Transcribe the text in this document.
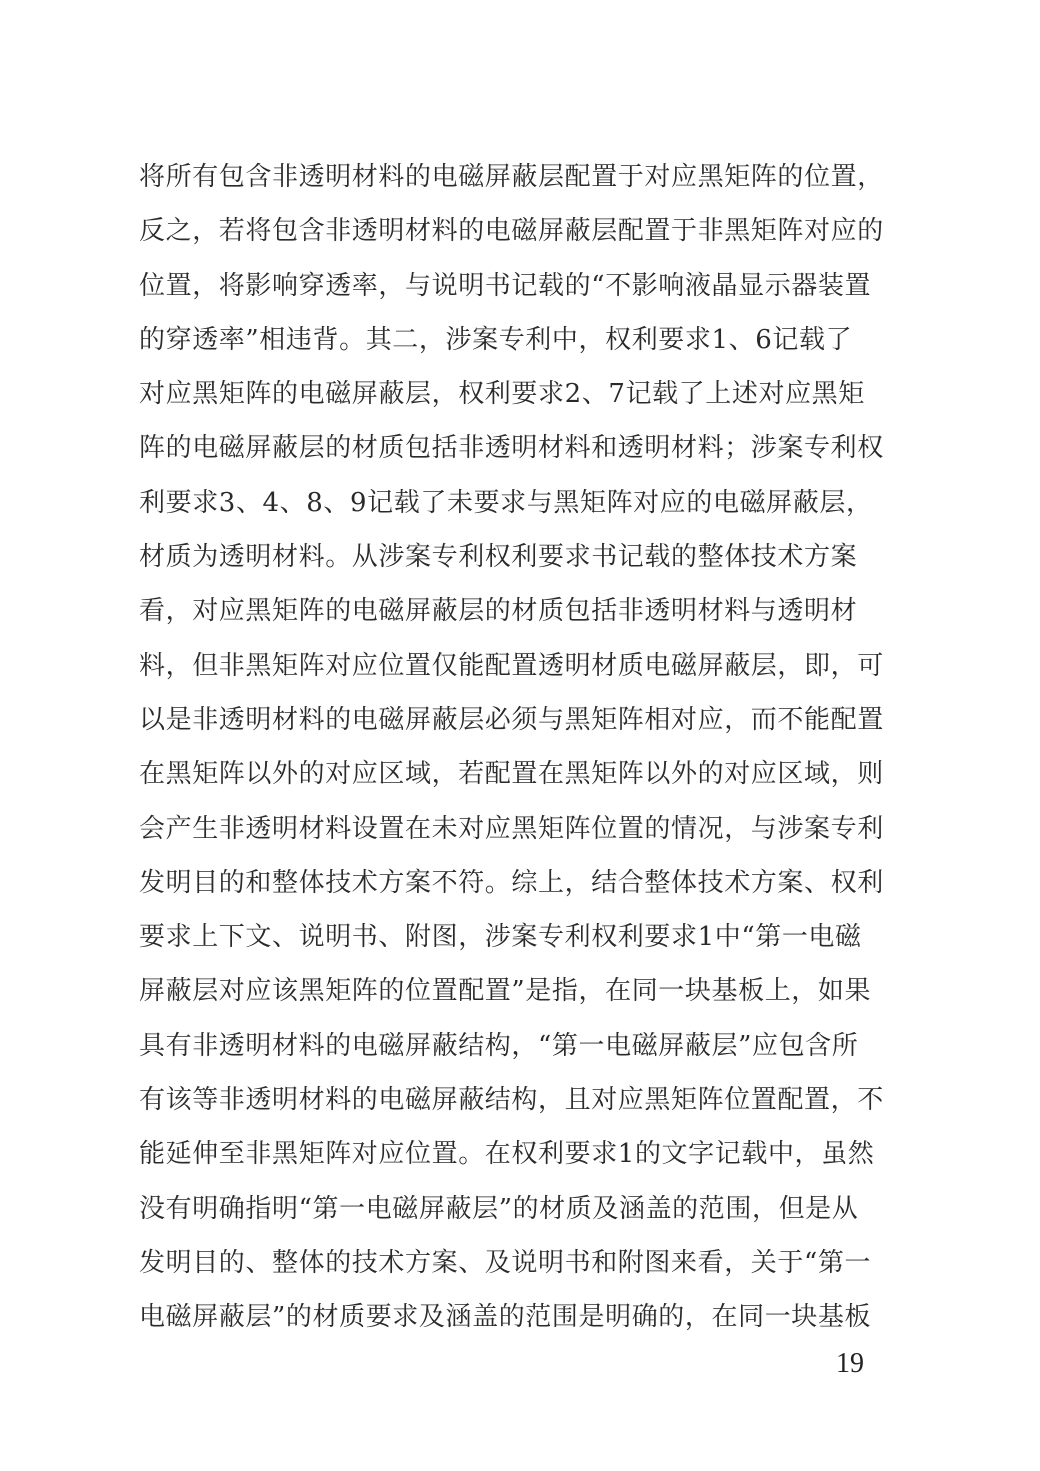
将所有包含非透明材料的电磁屏蔽层配置于对应黑矩阵的位置，
反之，若将包含非透明材料的电磁屏蔽层配置于非黑矩阵对应的
位置，将影响穿透率，与说明书记载的“不影响液晶显示器装置
的穿透率”相违背。其二，涉案专利中，权利要求1、6记载了
对应黑矩阵的电磁屏蔽层，权利要求2、7记载了上述对应黑矩
阵的电磁屏蔽层的材质包括非透明材料和透明材料；涉案专利权
利要求3、4、8、9记载了未要求与黑矩阵对应的电磁屏蔽层，
材质为透明材料。从涉案专利权利要求书记载的整体技术方案
看，对应黑矩阵的电磁屏蔽层的材质包括非透明材料与透明材
料，但非黑矩阵对应位置仅能配置透明材质电磁屏蔽层，即，可
以是非透明材料的电磁屏蔽层必须与黑矩阵相对应，而不能配置
在黑矩阵以外的对应区域，若配置在黑矩阵以外的对应区域，则
会产生非透明材料设置在未对应黑矩阵位置的情况，与涉案专利
发明目的和整体技术方案不符。综上，结合整体技术方案、权利
要求上下文、说明书、附图，涉案专利权利要求1中“第一电磁
屏蔽层对应该黑矩阵的位置配置”是指，在同一块基板上，如果
具有非透明材料的电磁屏蔽结构，“第一电磁屏蔽层”应包含所
有该等非透明材料的电磁屏蔽结构，且对应黑矩阵位置配置，不
能延伸至非黑矩阵对应位置。在权利要求1的文字记载中，虽然
没有明确指明“第一电磁屏蔽层”的材质及涵盖的范围，但是从
发明目的、整体的技术方案、及说明书和附图来看，关于“第一
电磁屏蔽层”的材质要求及涵盖的范围是明确的，在同一块基板
19
